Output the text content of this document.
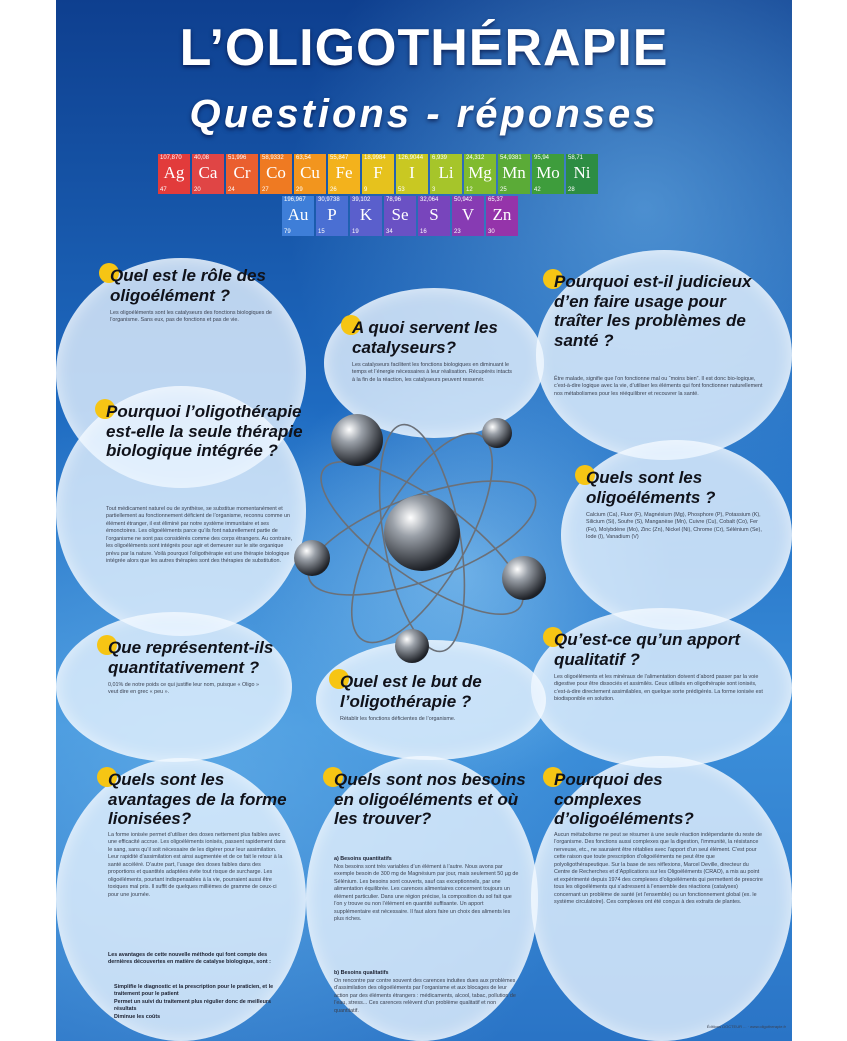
L’OLIGOTHÉRAPIE
Questions - réponses
107,870
Ag
47
40,08
Ca
20
51,996
Cr
24
58,9332
Co
27
63,54
Cu
29
55,847
Fe
26
18,9984
F
9
126,9044
I
53
6,939
Li
3
24,312
Mg
12
54,9381
Mn
25
95,94
Mo
42
58,71
Ni
28
196,967
Au
79
30,9738
P
15
39,102
K
19
78,96
Se
34
32,064
S
16
50,942
V
23
65,37
Zn
30
Quel est le rôle des oligoélément ?
Les oligoéléments sont les catalyseurs des fonctions biologiques de l’organisme. Sans eux, pas de fonctions et pas de vie.	A quoi servent les catalyseurs?
Les catalyseurs facilitent les fonctions biologiques en diminuant le temps et l’énergie nécessaires à leur réalisation. Récupérés intacts à la fin de la réaction, les catalyseurs peuvent resservir.
Pourquoi est-il judicieux d’en faire usage pour traîter les problèmes de santé ?
Être malade, signifie que l’on fonctionne mal ou “moins bien”. Il est donc bio-logique, c’est-à-dire logique avec la vie, d’utiliser les éléments qui font fonctionner naturellement nos métabolismes pour les rééquilibrer et recouvrer la santé.
Pourquoi l’oligothérapie est-elle la seule thérapie biologique intégrée ?
Tout médicament naturel ou de synthèse, se substitue momentanément et partiellement au fonctionnement déficient de l’organisme, reconnu comme un élément étranger, il est éliminé par notre système immunitaire et ses émonctoires. Les oligoéléments parce qu’ils font naturellement partie de l’organisme ne sont pas considérés comme des corps étrangers. Au contraire, les oligoéléments sont intégrés pour agir et demeurer sur le site organique prévu par la nature. Voilà pourquoi l’oligothérapie est une thérapie biologique intégrée alors que les autres thérapies sont des thérapies de substitution.
Quels sont les oligoéléments ?
Calcium (Ca), Fluor (F), Magnésium (Mg), Phosphore (P), Potassium (K), Silicium (Si), Soufre (S), Manganèse (Mn), Cuivre (Cu), Cobalt (Co), Fer (Fe), Molybdène (Mo), Zinc (Zn), Nickel (Ni), Chrome (Cr), Sélénium (Se), Iode (I), Vanadium (V)
Que représentent-ils quantitativement ?
0,01% de notre poids ce qui justifie leur nom, puisque « Oligo » veut dire en grec « peu ».
Qu’est-ce qu’un apport qualitatif ?
Les oligoéléments et les minéraux de l’alimentation doivent d’abord passer par la voie digestive pour être dissociés et assimilés. Ceux utilisés en oligothérapie sont ionisés, c’est-à-dire directement assimilables, en quelque sorte prédigérés. La forme ionisée est biodisponible en solution.
Quel est le but de l’oligothérapie ?
Rétablir les fonctions déficientes de l’organisme.
Quels sont les avantages de la forme lionisées?
La forme ionisée permet d’utiliser des doses nettement plus faibles avec une efficacité accrue. Les oligoéléments ionisés, passent rapidement dans le sang, sans qu’il soit nécessaire de les digérer pour leur assimilation. Leur rapidité d’assimilation est ainsi augmentée et de ce fait le retour à la santé accéléré. D’autre part, l’usage des doses faibles dans des proportions et quantités adaptées évite tout risque de surcharge. Les oligoéléments, pourtant indispensables à la vie, pourraient aussi être toxiques mal pris. Il suffit de quelques millièmes de gramme de ceux-ci pour une journée.
Les avantages de cette nouvelle méthode qui font compte des dernières découvertes en matière de catalyse biologique, sont :
Simplifie le diagnostic et la prescription pour le praticien, et le traitement pour le patient
Permet un suivi du traitement plus régulier donc de meilleurs résultats
Diminue les coûts
Quels sont nos besoins en oligoéléments et où les trouver?
a) Besoins quantitatifs
Nos besoins sont très variables d’un élément à l’autre. Nous avons par exemple besoin de 300 mg de Magnésium par jour, mais seulement 50 µg de Sélénium. Les besoins sont couverts, sauf cas exceptionnels, par une alimentation équilibrée. Les carences alimentaires concernent toujours un élément particulier. Dans une région précise, la composition du sol fait que l’on y trouve ou non l’élément en quantité suffisante. Un apport supplémentaire est nécessaire. Il faut alors faire un choix des aliments les plus riches.
b) Besoins qualitatifs
On rencontre par contre souvent des carences induites dues aux problèmes d’assimilation des oligoéléments par l’organisme et aux blocages de leur action par des éléments étrangers : médicaments, alcool, tabac, pollution de l’eau, stress... Ces carences relèvent d’un problème qualitatif et non quantitatif.
Pourquoi des complexes d’oligoéléments?
Aucun métabolisme ne peut se résumer à une seule réaction indépendante du reste de l’organisme. Des fonctions aussi complexes que la digestion, l’immunité, la résistance nerveuse, etc., ne sauraient être rétablies avec l’apport d’un seul élément. C’est pour cette raison que toute prescription d’oligoéléments ne peut être que polyoligothérapeutique. Sur la base de ses réflexions, Marcel Deville, directeur du Centre de Recherches et d’Applications sur les Oligoéléments (CRAO), a mis au point et expérimenté depuis 1974 des complexes d’oligoéléments qui permettent de prescrire tous les oligoéléments qui s’adressent à l’ensemble des réactions (catalyses) concernant un problème de santé (et l’ensemble) ou un fonctionnement global (ex. le système circulatoire). Ces complexes ont été conçus à des extraits de plantes.
Éditions DOCTEUR ... · www.oligotherapie.fr
